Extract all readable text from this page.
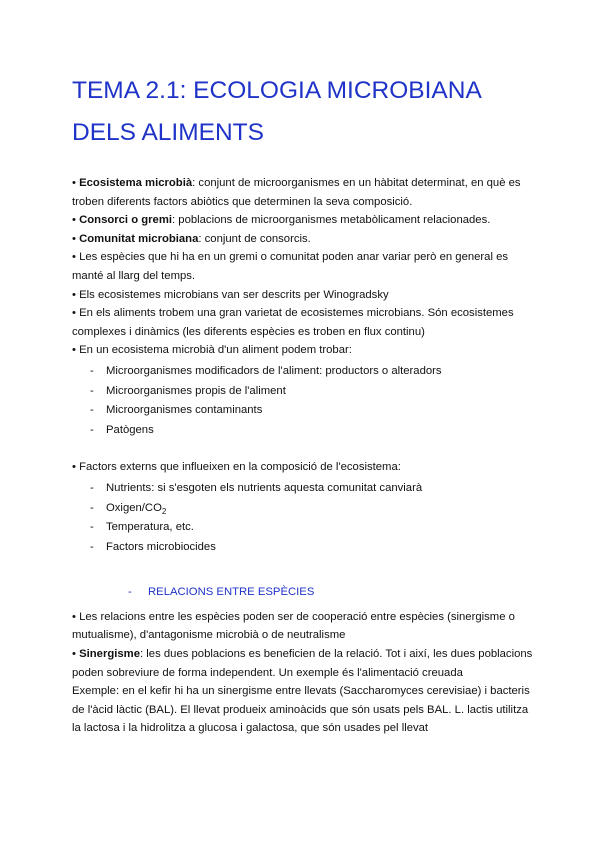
TEMA 2.1: ECOLOGIA MICROBIANA
DELS ALIMENTS

• Ecosistema microbià: conjunt de microorganismes en un hàbitat determinat, en què es troben diferents factors abiòtics que determinen la seva composició.

• Consorci o gremi: poblacions de microorganismes metabòlicament relacionades.

• Comunitat microbiana: conjunt de consorcis.

• Les espècies que hi ha en un gremi o comunitat poden anar variar però en general es manté al llarg del temps.

• Els ecosistemes microbians van ser descrits per Winogradsky

• En els aliments trobem una gran varietat de ecosistemes microbians. Són ecosistemes complexes i dinàmics (les diferents espècies es troben en flux continu)

• En un ecosistema microbià d'un aliment podem trobar:

- Microorganismes modificadors de l'aliment: productors o alteradors

- Microorganismes propis de l'aliment

- Microorganismes contaminants

- Patògens

• Factors externs que influeixen en la composició de l'ecosistema:

- Nutrients: si s'esgoten els nutrients aquesta comunitat canviarà

- Oxigen/$CO_2$

- Temperatura, etc.

- Factors microbiocides

- RELACIONS ENTRE ESPÈCIES

• Les relacions entre les espècies poden ser de cooperació entre espècies (sinergisme o mutualisme), d'antagonisme microbià o de neutralisme

• Sinergisme: les dues poblacions es beneficien de la relació. Tot i així, les dues poblacions poden sobreviure de forma independent. Un exemple és l'alimentació creuada

Exemple: en el kefir hi ha un sinergisme entre llevats (Saccharomyces cerevisiae) i bacteris de l'àcid làctic (BAL). El llevat produeix aminoàcids que són usats pels BAL. L. lactis utilitza la lactosa i la hidrolitza a glucosa i galactosa, que són usades pel llevat
